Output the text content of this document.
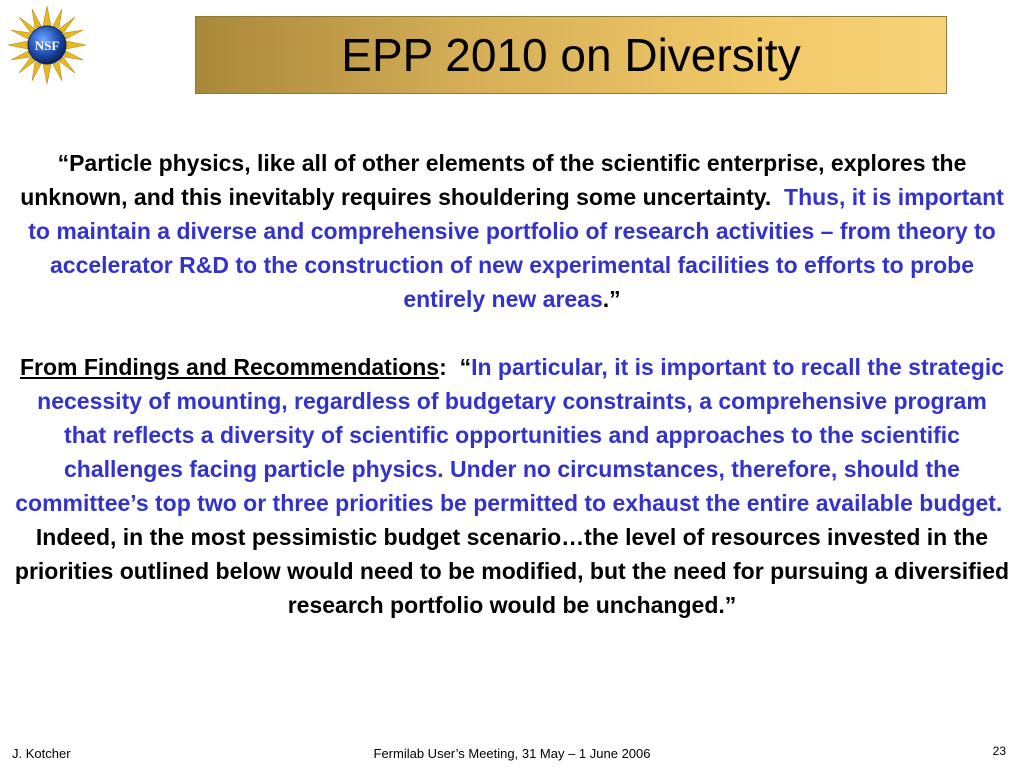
NSF	EPP 2010 on Diversity

“Particle physics, like all of other elements of the scientific enterprise, explores the unknown, and this inevitably requires shouldering some uncertainty. Thus, it is important to maintain a diverse and comprehensive portfolio of research activities – from theory to accelerator R&D to the construction of new experimental facilities to efforts to probe entirely new areas.”

From Findings and Recommendations: “In particular, it is important to recall the strategic necessity of mounting, regardless of budgetary constraints, a comprehensive program that reflects a diversity of scientific opportunities and approaches to the scientific challenges facing particle physics. Under no circumstances, therefore, should the committee’s top two or three priorities be permitted to exhaust the entire available budget.  Indeed, in the most pessimistic budget scenario…the level of resources invested in the priorities outlined below would need to be modified, but the need for pursuing a diversified research portfolio would be unchanged.”

J. Kotcher	Fermilab User’s Meeting, 31 May – 1 June 2006	23
